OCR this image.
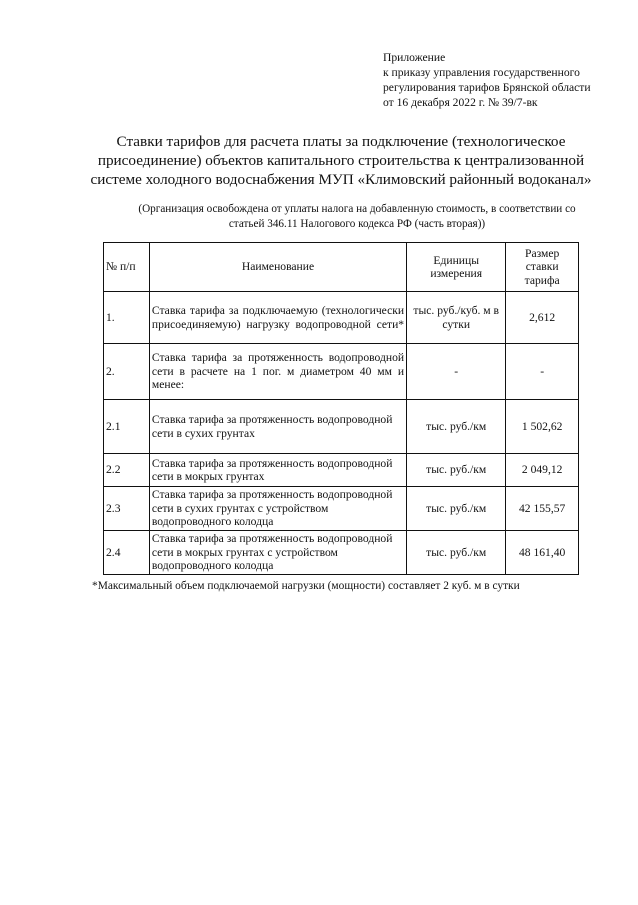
Приложение
к приказу управления государственного
регулирования тарифов Брянской области
от 16 декабря 2022 г. № 39/7-вк
Ставки тарифов для расчета платы за подключение (технологическое
присоединение) объектов капитального строительства к централизованной
системе холодного водоснабжения МУП «Климовский районный водоканал»
(Организация освобождена от уплаты налога на добавленную стоимость, в соответствии со
статьей 346.11 Налогового кодекса РФ (часть вторая))
№ п/п	Наименование	Единицы измерения	Размер ставки тарифа
1.	Ставка тарифа за подключаемую (технологически присоединяемую) нагрузку водопроводной сети*	тыс. руб./куб. м в сутки	2,612
2.	Ставка тарифа за протяженность водопроводной сети в расчете на 1 пог. м диаметром 40 мм и менее:	-	-
2.1	Ставка тарифа за протяженность водопроводной сети в сухих грунтах	тыс. руб./км	1 502,62
2.2	Ставка тарифа за протяженность водопроводной сети в мокрых грунтах	тыс. руб./км	2 049,12
2.3	Ставка тарифа за протяженность водопроводной сети в сухих грунтах с устройством водопроводного колодца	тыс. руб./км	42 155,57
2.4	Ставка тарифа за протяженность водопроводной сети в мокрых грунтах с устройством водопроводного колодца	тыс. руб./км	48 161,40
*Максимальный объем подключаемой нагрузки (мощности) составляет 2 куб. м в сутки
